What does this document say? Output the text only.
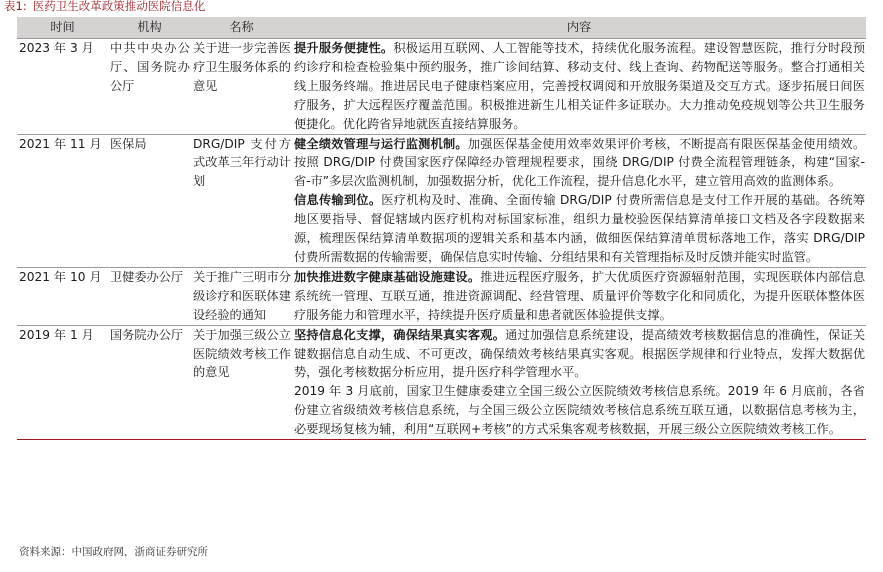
表1: 医药卫生改革政策推动医院信息化
时间	机构	名称	内容
2023 年 3 月	中共中央办公厅、国务院办公厅	关于进一步完善医疗卫生服务体系的意见	提升服务便捷性。积极运用互联网、人工智能等技术，持续优化服务流程。建设智慧医院，推行分时段预约诊疗和检查检验集中预约服务，推广诊间结算、移动支付、线上查询、药物配送等服务。整合打通相关线上服务终端。推进居民电子健康档案应用，完善授权调阅和开放服务渠道及交互方式。逐步拓展日间医疗服务，扩大远程医疗覆盖范围。积极推进新生儿相关证件多证联办。大力推动免疫规划等公共卫生服务便捷化。优化跨省异地就医直接结算服务。

2021 年 11 月	医保局	DRG/DIP 支付方式改革三年行动计划	健全绩效管理与运行监测机制。加强医保基金使用效率效果评价考核，不断提高有限医保基金使用绩效。按照 DRG/DIP 付费国家医疗保障经办管理规程要求，围绕 DRG/DIP 付费全流程管理链条，构建“国家-省-市”多层次监测机制，加强数据分析，优化工作流程，提升信息化水平，建立管用高效的监测体系。
信息传输到位。医疗机构及时、准确、全面传输 DRG/DIP 付费所需信息是支付工作开展的基础。各统筹地区要指导、督促辖域内医疗机构对标国家标准，组织力量校验医保结算清单接口文档及各字段数据来源，梳理医保结算清单数据项的逻辑关系和基本内涵，做细医保结算清单贯标落地工作，落实 DRG/DIP 付费所需数据的传输需要，确保信息实时传输、分组结果和有关管理指标及时反馈并能实时监管。

2021 年 10 月	卫健委办公厅	关于推广三明市分级诊疗和医联体建设经验的通知	加快推进数字健康基础设施建设。推进远程医疗服务，扩大优质医疗资源辐射范围，实现医联体内部信息系统统一管理、互联互通，推进资源调配、经营管理、质量评价等数字化和同质化，为提升医联体整体医疗服务能力和管理水平，持续提升医疗质量和患者就医体验提供支撑。

2019 年 1 月	国务院办公厅	关于加强三级公立医院绩效考核工作的意见	坚持信息化支撑，确保结果真实客观。通过加强信息系统建设，提高绩效考核数据信息的准确性，保证关键数据信息自动生成、不可更改，确保绩效考核结果真实客观。根据医学规律和行业特点，发挥大数据优势，强化考核数据分析应用，提升医疗科学管理水平。
2019 年 3 月底前，国家卫生健康委建立全国三级公立医院绩效考核信息系统。2019 年 6 月底前，各省份建立省级绩效考核信息系统，与全国三级公立医院绩效考核信息系统互联互通，以数据信息考核为主，必要现场复核为辅，利用“互联网+考核”的方式采集客观考核数据，开展三级公立医院绩效考核工作。
资料来源：中国政府网，浙商证券研究所
